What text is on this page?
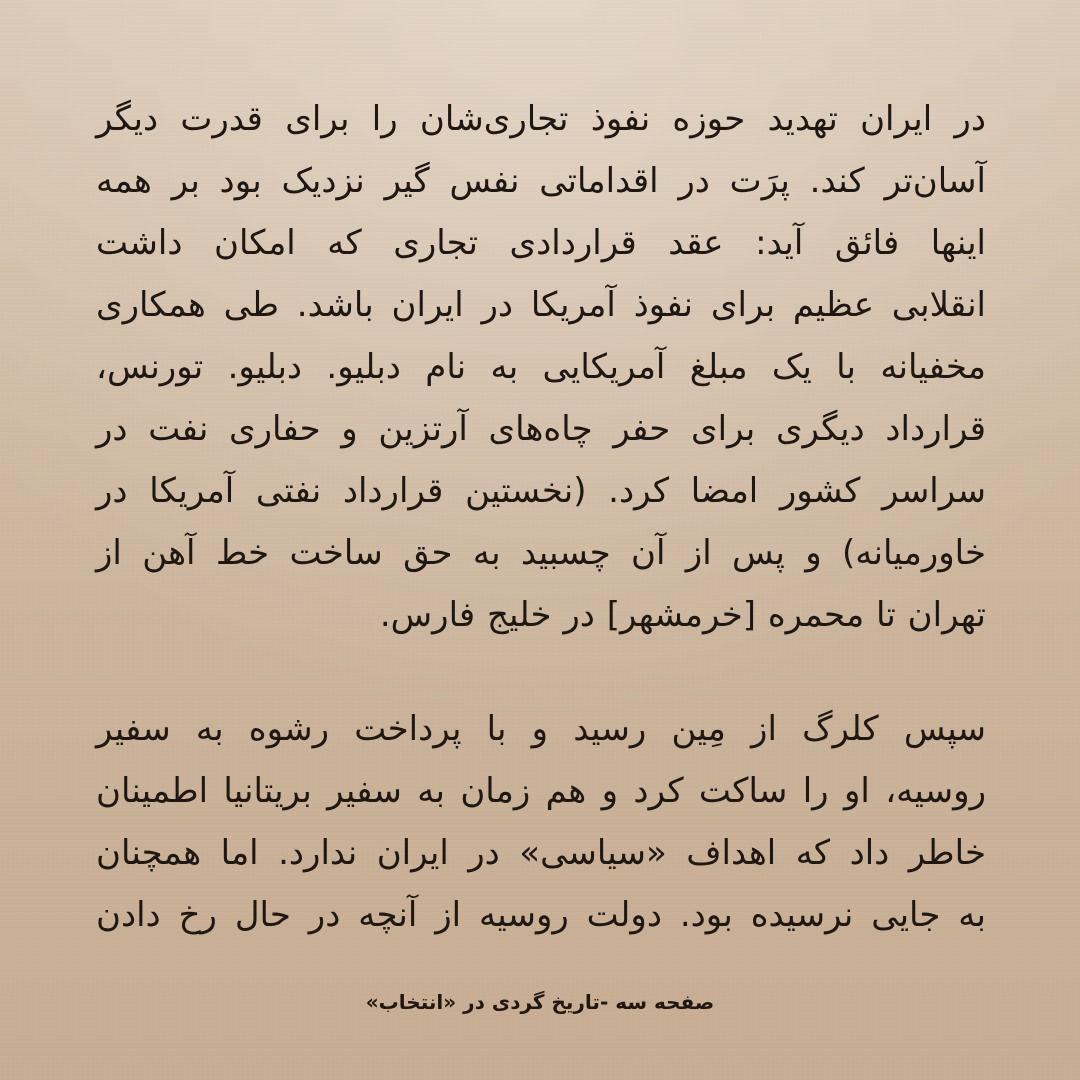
در ایران تهدید حوزه نفوذ تجاری‌شان را برای قدرت دیگر
آسان‌تر کند. پرَت در اقداماتی نفس گیر نزدیک بود بر همه
اینها فائق آید: عقد قراردادی تجاری که امکان داشت
انقلابی عظیم برای نفوذ آمریکا در ایران باشد. طی همکاری
مخفیانه با یک مبلغ آمریکایی به نام دبلیو. دبلیو. تورنس،
قرارداد دیگری برای حفر چاه‌های آرتزین و حفاری نفت در
سراسر کشور امضا کرد. (نخستین قرارداد نفتی آمریکا در
خاورمیانه) و پس از آن چسبید به حق ساخت خط آهن از
تهران تا محمره [خرمشهر] در خلیج فارس.
سپس کلرگ از مِین رسید و با پرداخت رشوه به سفیر
روسیه، او را ساکت کرد و هم زمان به سفیر بریتانیا اطمینان
خاطر داد که اهداف «سیاسی» در ایران ندارد. اما همچنان
به جایی نرسیده بود. دولت روسیه از آنچه در حال رخ دادن
صفحه سه -تاریخ گردی در «انتخاب»
